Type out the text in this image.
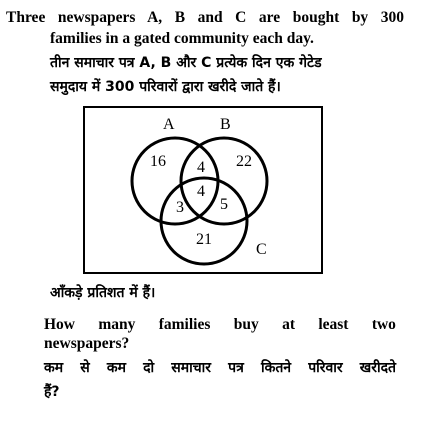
Three newspapers A, B and C are bought by 300
families in a gated community each day.
तीन समाचार पत्र A, B और C प्रत्येक दिन एक गेटेड
समुदाय में 300 परिवारों द्वारा खरीदे जाते हैं।
A	B
C
16	22
4
4
3 5
21
आँकड़े प्रतिशत में हैं।
How many families buy at least two
newspapers?
कम से कम दो समाचार पत्र कितने परिवार खरीदते
हैं?
